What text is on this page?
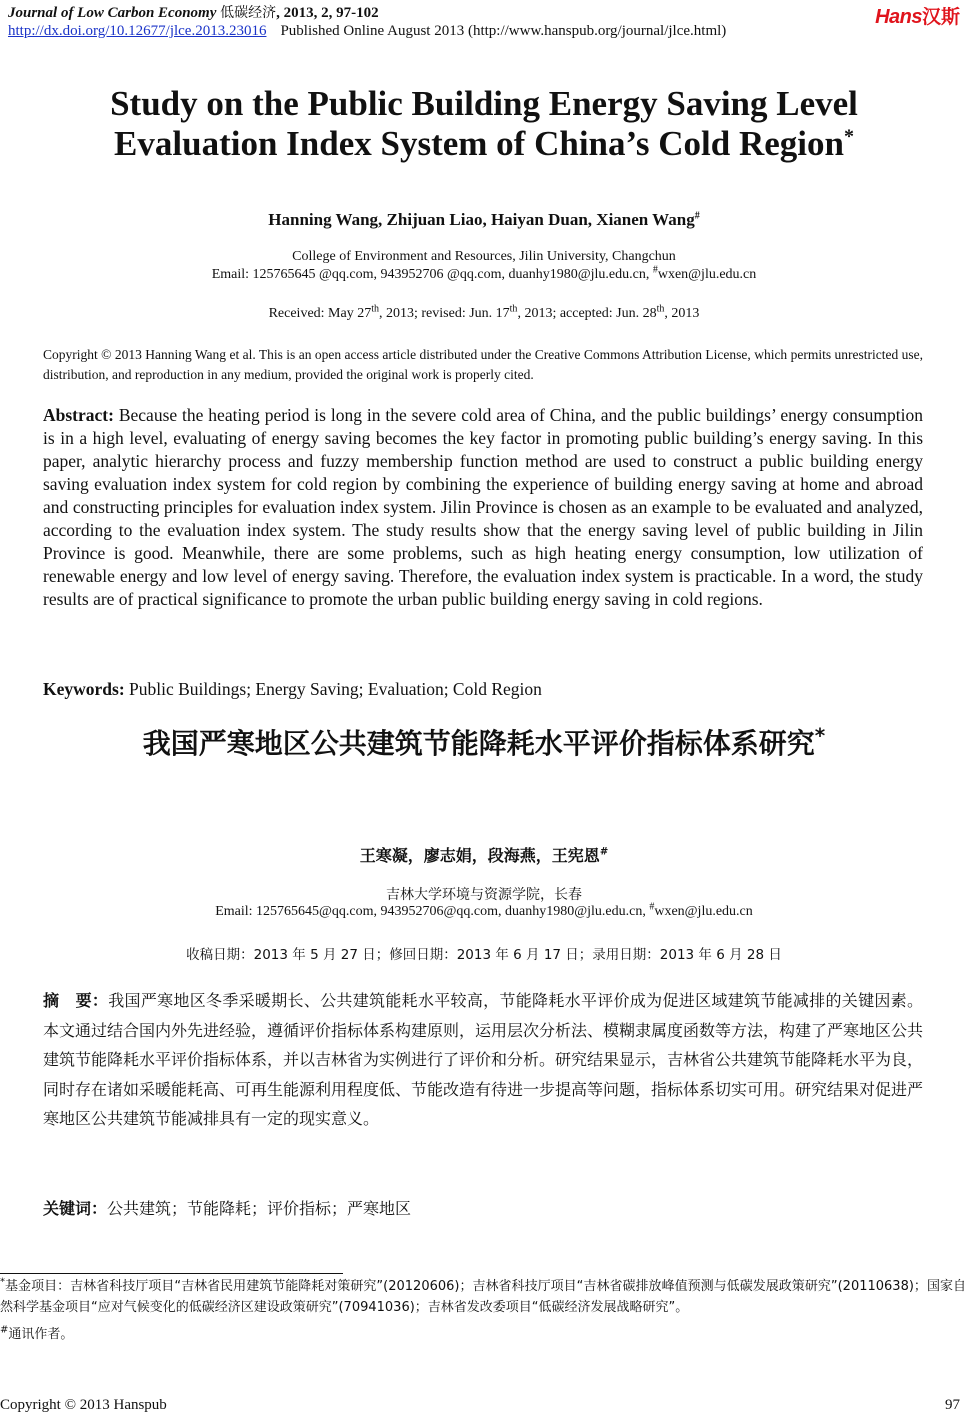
Journal of Low Carbon Economy 低碳经济, 2013, 2, 97-102
http://dx.doi.org/10.12677/jlce.2013.23016 Published Online August 2013 (http://www.hanspub.org/journal/jlce.html)
Hans汉斯
Study on the Public Building Energy Saving Level
Evaluation Index System of China’s Cold Region*
Hanning Wang, Zhijuan Liao, Haiyan Duan, Xianen Wang#
College of Environment and Resources, Jilin University, Changchun
Email: 125765645 @qq.com, 943952706 @qq.com, duanhy1980@jlu.edu.cn, #wxen@jlu.edu.cn
Received: May 27th, 2013; revised: Jun. 17th, 2013; accepted: Jun. 28th, 2013
Copyright © 2013 Hanning Wang et al. This is an open access article distributed under the Creative Commons Attribution License, which permits unrestricted use, distribution, and reproduction in any medium, provided the original work is properly cited.
Abstract: Because the heating period is long in the severe cold area of China, and the public buildings’ energy consumption is in a high level, evaluating of energy saving becomes the key factor in promoting public building’s energy saving. In this paper, analytic hierarchy process and fuzzy membership function method are used to construct a public building energy saving evaluation index system for cold region by combining the experience of building energy saving at home and abroad and constructing principles for evaluation index system. Jilin Province is chosen as an example to be evaluated and analyzed, according to the evaluation index system. The study results show that the energy saving level of public building in Jilin Province is good. Meanwhile, there are some problems, such as high heating energy consumption, low utilization of renewable energy and low level of energy saving. Therefore, the evaluation index system is practicable. In a word, the study results are of practical significance to promote the urban public building energy saving in cold regions.
Keywords: Public Buildings; Energy Saving; Evaluation; Cold Region
我国严寒地区公共建筑节能降耗水平评价指标体系研究*
王寒凝，廖志娟，段海燕，王宪恩#
吉林大学环境与资源学院，长春
Email: 125765645@qq.com, 943952706@qq.com, duanhy1980@jlu.edu.cn, #wxen@jlu.edu.cn
收稿日期：2013 年 5 月 27 日；修回日期：2013 年 6 月 17 日；录用日期：2013 年 6 月 28 日
摘　要：我国严寒地区冬季采暖期长、公共建筑能耗水平较高，节能降耗水平评价成为促进区域建筑节能减排的关键因素。本文通过结合国内外先进经验，遵循评价指标体系构建原则，运用层次分析法、模糊隶属度函数等方法，构建了严寒地区公共建筑节能降耗水平评价指标体系，并以吉林省为实例进行了评价和分析。研究结果显示，吉林省公共建筑节能降耗水平为良，同时存在诸如采暖能耗高、可再生能源利用程度低、节能改造有待进一步提高等问题，指标体系切实可用。研究结果对促进严寒地区公共建筑节能减排具有一定的现实意义。
关键词：公共建筑；节能降耗；评价指标；严寒地区

*基金项目：吉林省科技厅项目“吉林省民用建筑节能降耗对策研究”(20120606)；吉林省科技厅项目“吉林省碳排放峰值预测与低碳发展政策研究”(20110638)；国家自然科学基金项目“应对气候变化的低碳经济区建设政策研究”(70941036)；吉林省发改委项目“低碳经济发展战略研究”。

#通讯作者。

Copyright © 2013 Hanspub	97
